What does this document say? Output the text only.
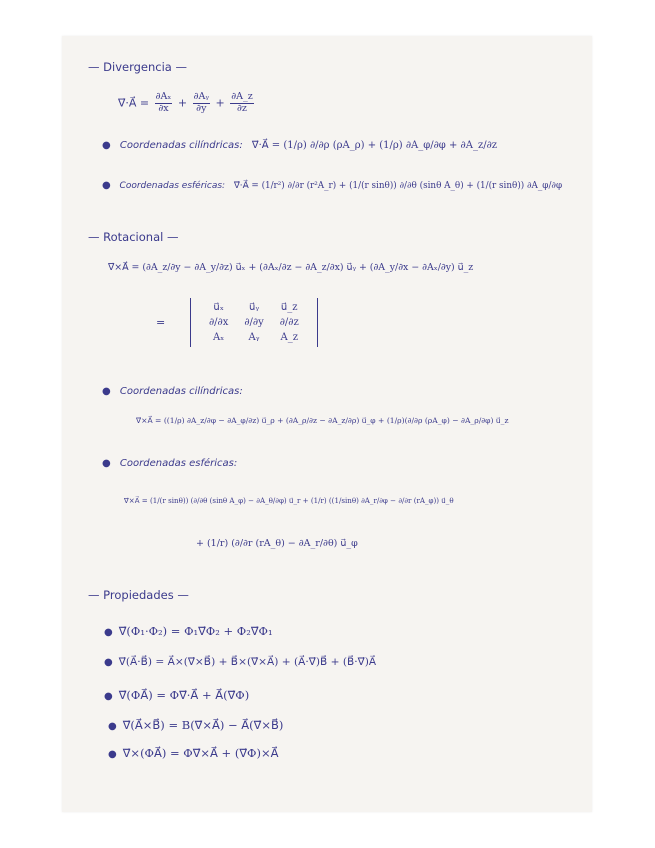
— Divergencia —
∇⃗·A⃗ = $\frac{\text{∂Aₓ}}{\partial x} + \frac{\text{∂Aᵧ}}{\partial y} + \frac{\partial A\_z}{\partial z}$
● Coordenadas cilíndricas: ∇⃗·A⃗ = (1/ρ) ∂/∂ρ (ρA_ρ) + (1/ρ) ∂A_φ/∂φ + ∂A_z/∂z
● Coordenadas esféricas: ∇⃗·A⃗ = (1/r²) ∂/∂r (r²A_r) + (1/(r sinθ)) ∂/∂θ (sinθ A_θ) + (1/(r sinθ)) ∂A_φ/∂φ
— Rotacional —
∇⃗×A⃗ = (∂A_z/∂y − ∂A_y/∂z) u⃗ₓ + (∂Aₓ/∂z − ∂A_z/∂x) u⃗ᵧ + (∂A_y/∂x − ∂Aₓ/∂y) u⃗_z
=
u⃗ₓ	u⃗ᵧ	u⃗_z
∂/∂x	∂/∂y	∂/∂z
Aₓ	Aᵧ	A_z
● Coordenadas cilíndricas:
∇⃗×A⃗ = ((1/ρ) ∂A_z/∂φ − ∂A_φ/∂z) u⃗_ρ + (∂A_ρ/∂z − ∂A_z/∂ρ) u⃗_φ + (1/ρ)(∂/∂ρ (ρA_φ) − ∂A_ρ/∂φ) u⃗_z
● Coordenadas esféricas:
∇⃗×A⃗ = (1/(r sinθ)) (∂/∂θ (sinθ A_φ) − ∂A_θ/∂φ) u⃗_r + (1/r) ((1/sinθ) ∂A_r/∂φ − ∂/∂r (rA_φ)) u⃗_θ
+ (1/r) (∂/∂r (rA_θ) − ∂A_r/∂θ) u⃗_φ
— Propiedades —
● ∇⃗(Φ₁·Φ₂) = Φ₁∇⃗Φ₂ + Φ₂∇⃗Φ₁
● ∇⃗(A⃗·B⃗) = A⃗×(∇⃗×B⃗) + B⃗×(∇⃗×A⃗) + (A⃗·∇⃗)B⃗ + (B⃗·∇⃗)A⃗
● ∇⃗(ΦA⃗) = Φ∇⃗·A⃗ + A⃗(∇⃗Φ)
● ∇⃗(A⃗×B⃗) = B(∇⃗×A⃗) − A⃗(∇⃗×B⃗)
● ∇⃗×(ΦA⃗) = Φ∇⃗×A⃗ + (∇⃗Φ)×A⃗
